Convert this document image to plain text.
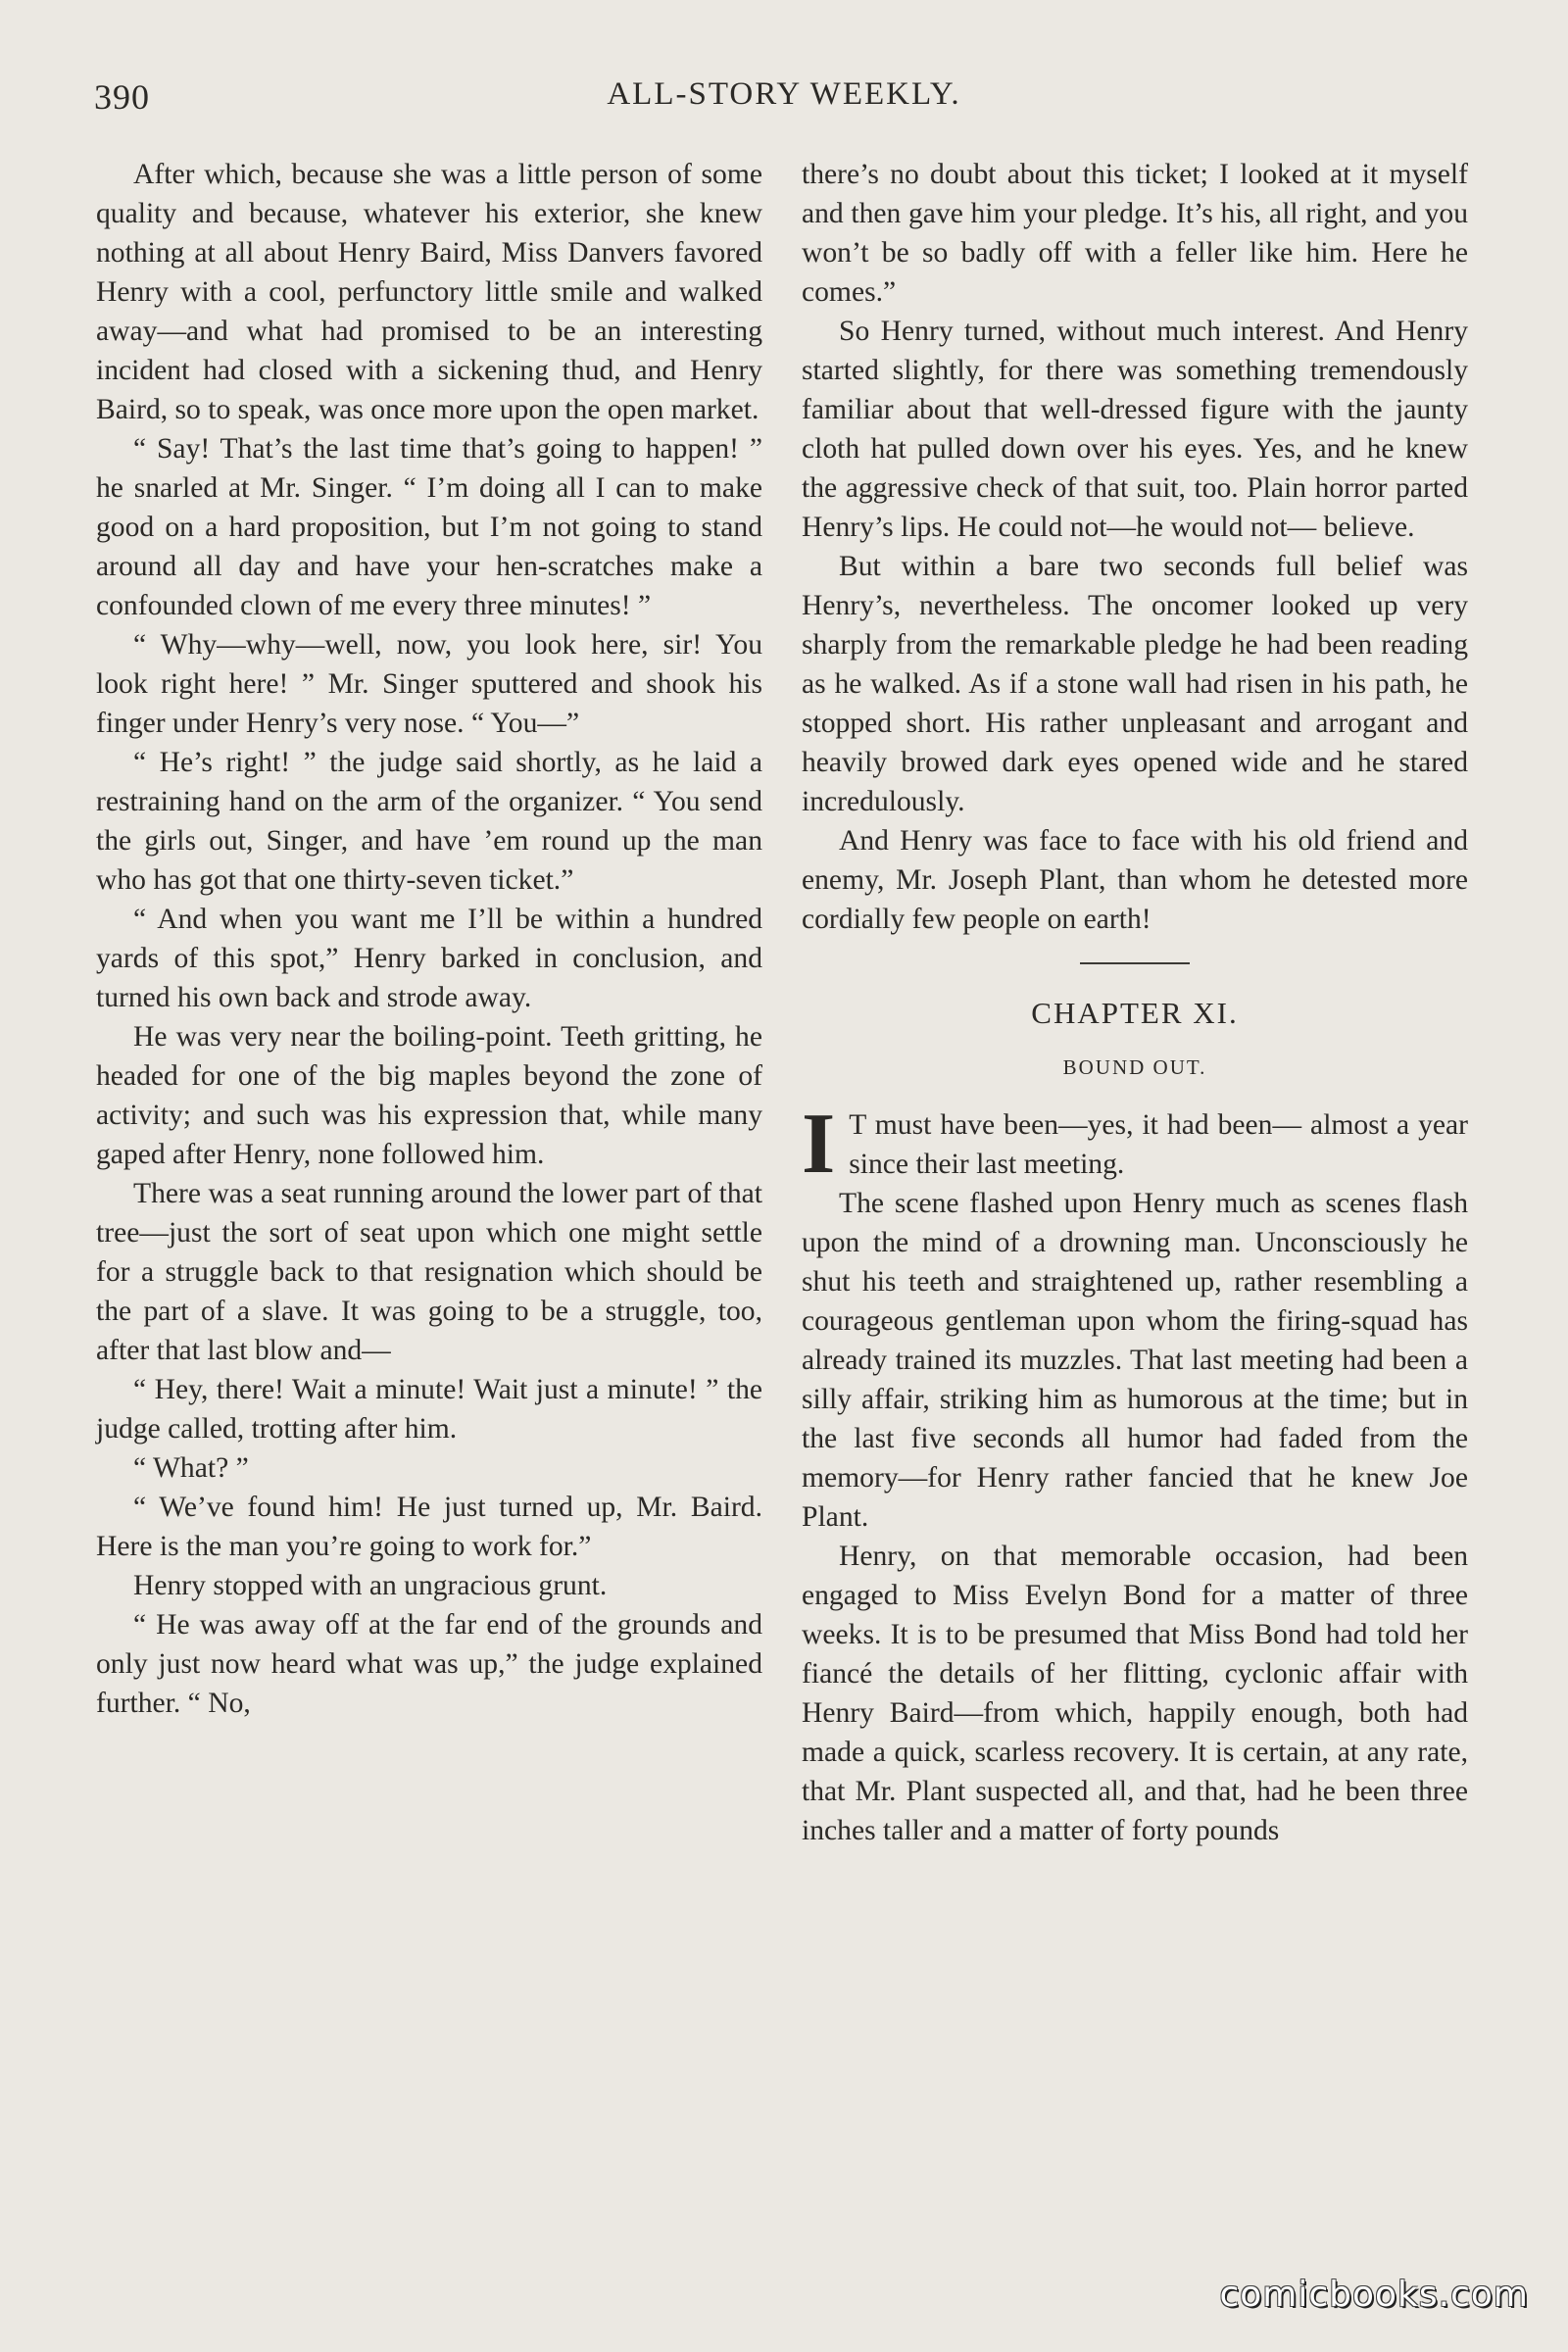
390	ALL-STORY WEEKLY.

After which, because she was a little person of some quality and because, whatever his exterior, she knew nothing at all about Henry Baird, Miss Danvers favored Henry with a cool, perfunctory little smile and walked away—and what had promised to be an interesting incident had closed with a sickening thud, and Henry Baird, so to speak, was once more upon the open market.

“ Say! That’s the last time that’s going to happen! ” he snarled at Mr. Singer. “ I’m doing all I can to make good on a hard proposition, but I’m not going to stand around all day and have your hen-scratches make a confounded clown of me every three minutes! ”

“ Why—why—well, now, you look here, sir! You look right here! ” Mr. Singer sputtered and shook his finger under Henry’s very nose. “ You—”

“ He’s right! ” the judge said shortly, as he laid a restraining hand on the arm of the organizer. “ You send the girls out, Singer, and have ’em round up the man who has got that one thirty-seven ticket.”

“ And when you want me I’ll be within a hundred yards of this spot,” Henry barked in conclusion, and turned his own back and strode away.

He was very near the boiling-point. Teeth gritting, he headed for one of the big maples beyond the zone of activity; and such was his expression that, while many gaped after Henry, none followed him.

There was a seat running around the lower part of that tree—just the sort of seat upon which one might settle for a struggle back to that resignation which should be the part of a slave. It was going to be a struggle, too, after that last blow and—

“ Hey, there! Wait a minute! Wait just a minute! ” the judge called, trotting after him.

“ What? ”

“ We’ve found him! He just turned up, Mr. Baird. Here is the man you’re going to work for.”

Henry stopped with an ungracious grunt.

“ He was away off at the far end of the grounds and only just now heard what was up,” the judge explained further. “ No,

there’s no doubt about this ticket; I looked at it myself and then gave him your pledge. It’s his, all right, and you won’t be so badly off with a feller like him. Here he comes.”

So Henry turned, without much interest. And Henry started slightly, for there was something tremendously familiar about that well-dressed figure with the jaunty cloth hat pulled down over his eyes. Yes, and he knew the aggressive check of that suit, too. Plain horror parted Henry’s lips. He could not—he would not— believe.

But within a bare two seconds full belief was Henry’s, nevertheless. The oncomer looked up very sharply from the remarkable pledge he had been reading as he walked. As if a stone wall had risen in his path, he stopped short. His rather unpleasant and arrogant and heavily browed dark eyes opened wide and he stared incredulously.

And Henry was face to face with his old friend and enemy, Mr. Joseph Plant, than whom he detested more cordially few people on earth!

CHAPTER XI.
BOUND OUT.

I T must have been—yes, it had been— almost a year since their last meeting.

The scene flashed upon Henry much as scenes flash upon the mind of a drowning man. Unconsciously he shut his teeth and straightened up, rather resembling a courageous gentleman upon whom the firing-squad has already trained its muzzles. That last meeting had been a silly affair, striking him as humorous at the time; but in the last five seconds all humor had faded from the memory—for Henry rather fancied that he knew Joe Plant.

Henry, on that memorable occasion, had been engaged to Miss Evelyn Bond for a matter of three weeks. It is to be presumed that Miss Bond had told her fiancé the details of her flitting, cyclonic affair with Henry Baird—from which, happily enough, both had made a quick, scarless recovery. It is certain, at any rate, that Mr. Plant suspected all, and that, had he been three inches taller and a matter of forty pounds

comicbooks.com
